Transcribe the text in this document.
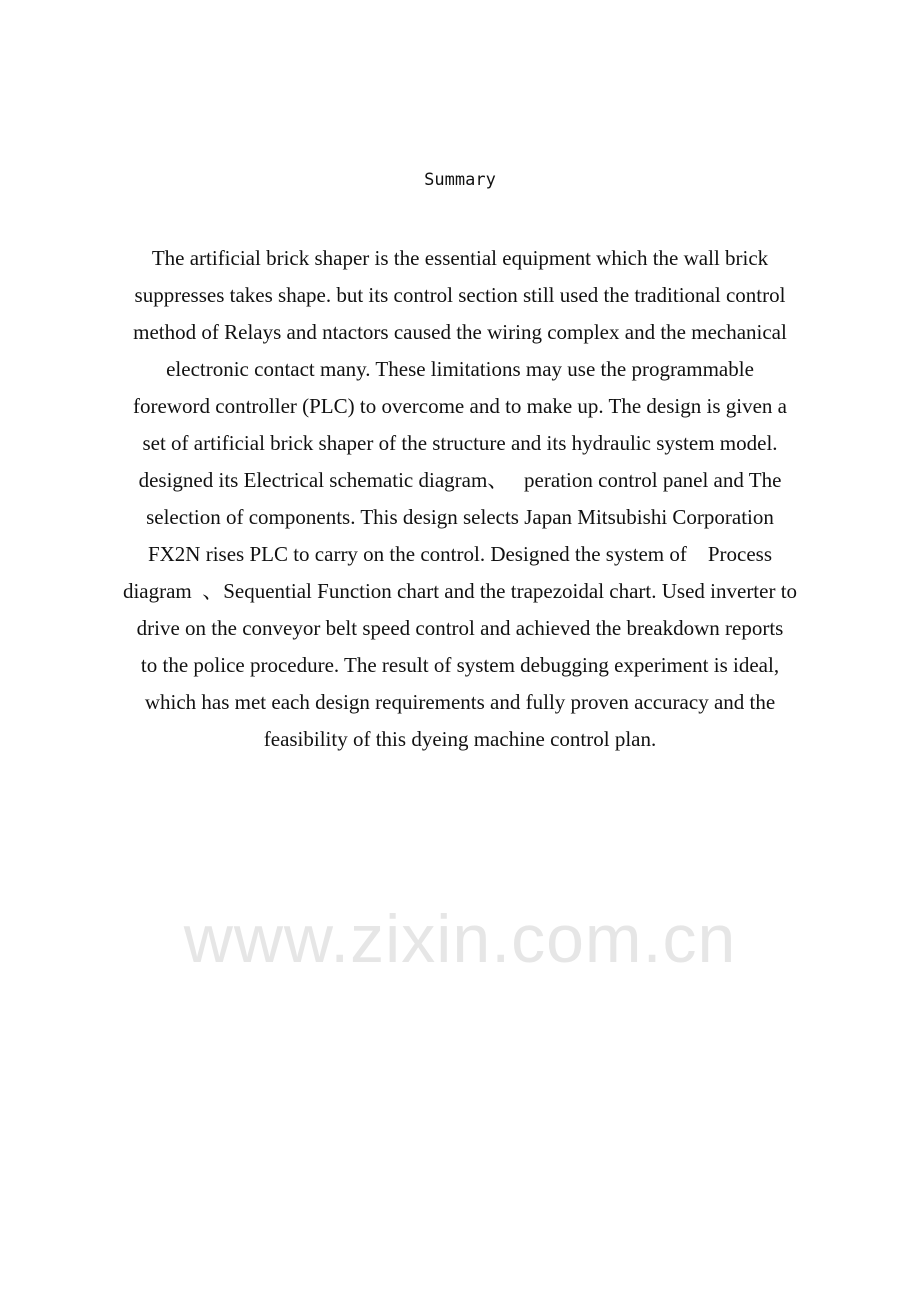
Summary
The artificial brick shaper is the essential equipment which the wall brick
suppresses takes shape. but its control section still used the traditional control
method of Relays and ntactors caused the wiring complex and the mechanical
electronic contact many. These limitations may use the programmable
foreword controller (PLC) to overcome and to make up. The design is given a
set of artificial brick shaper of the structure and its hydraulic system model.
designed its Electrical schematic diagram、   peration control panel and The
selection of components. This design selects Japan Mitsubishi Corporation
FX2N rises PLC to carry on the control. Designed the system of    Process
diagram  、Sequential Function chart and the trapezoidal chart. Used inverter to
drive on the conveyor belt speed control and achieved the breakdown reports
to the police procedure. The result of system debugging experiment is ideal,
which has met each design requirements and fully proven accuracy and the
feasibility of this dyeing machine control plan.
www.zixin.com.cn
